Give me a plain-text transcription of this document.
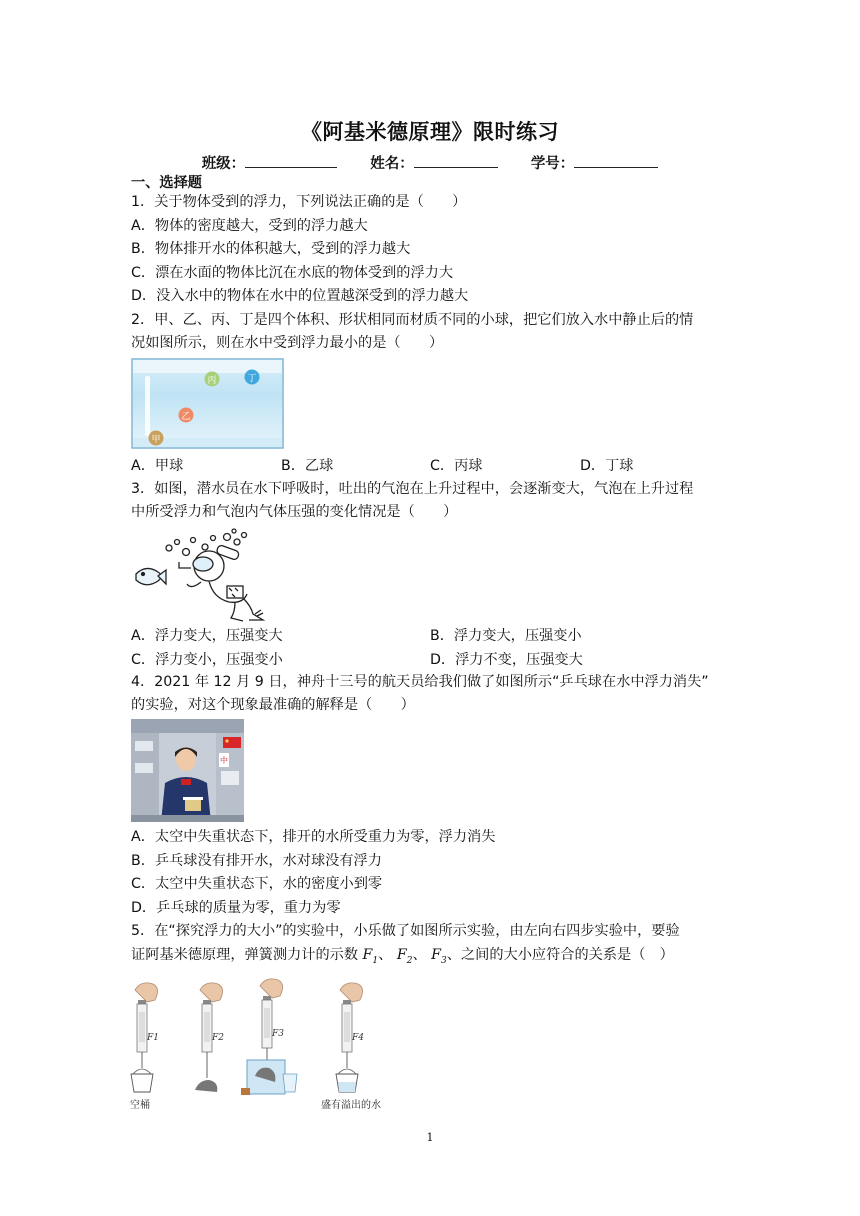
《阿基米德原理》限时练习
班级：	姓名：	学号：
一、选择题
1．关于物体受到的浮力，下列说法正确的是（　　）
A．物体的密度越大，受到的浮力越大
B．物体排开水的体积越大，受到的浮力越大
C．漂在水面的物体比沉在水底的物体受到的浮力大
D．没入水中的物体在水中的位置越深受到的浮力越大
2．甲、乙、丙、丁是四个体积、形状相同而材质不同的小球，把它们放入水中静止后的情
况如图所示，则在水中受到浮力最小的是（　　）
丙	丁
乙
甲
A．甲球	B．乙球	C．丙球	D．丁球
3．如图，潜水员在水下呼吸时，吐出的气泡在上升过程中，会逐渐变大，气泡在上升过程
中所受浮力和气泡内气体压强的变化情况是（　　）
A．浮力变大，压强变大	B．浮力变大，压强变小
C．浮力变小，压强变小	D．浮力不变，压强变大
4．2021 年 12 月 9 日，神舟十三号的航天员给我们做了如图所示“乒乓球在水中浮力消失”
的实验，对这个现象最准确的解释是（　　）
中
A．太空中失重状态下，排开的水所受重力为零，浮力消失
B．乒乓球没有排开水，水对球没有浮力
C．太空中失重状态下，水的密度小到零
D．乒乓球的质量为零，重力为零
5．在“探究浮力的大小”的实验中，小乐做了如图所示实验，由左向右四步实验中，要验
证阿基米德原理，弹簧测力计的示数 $F_1$、 $F_2$、 $F_3$、之间的大小应符合的关系是（　）
F1	F2	F3	F4
空桶	盛有溢出的水
1
